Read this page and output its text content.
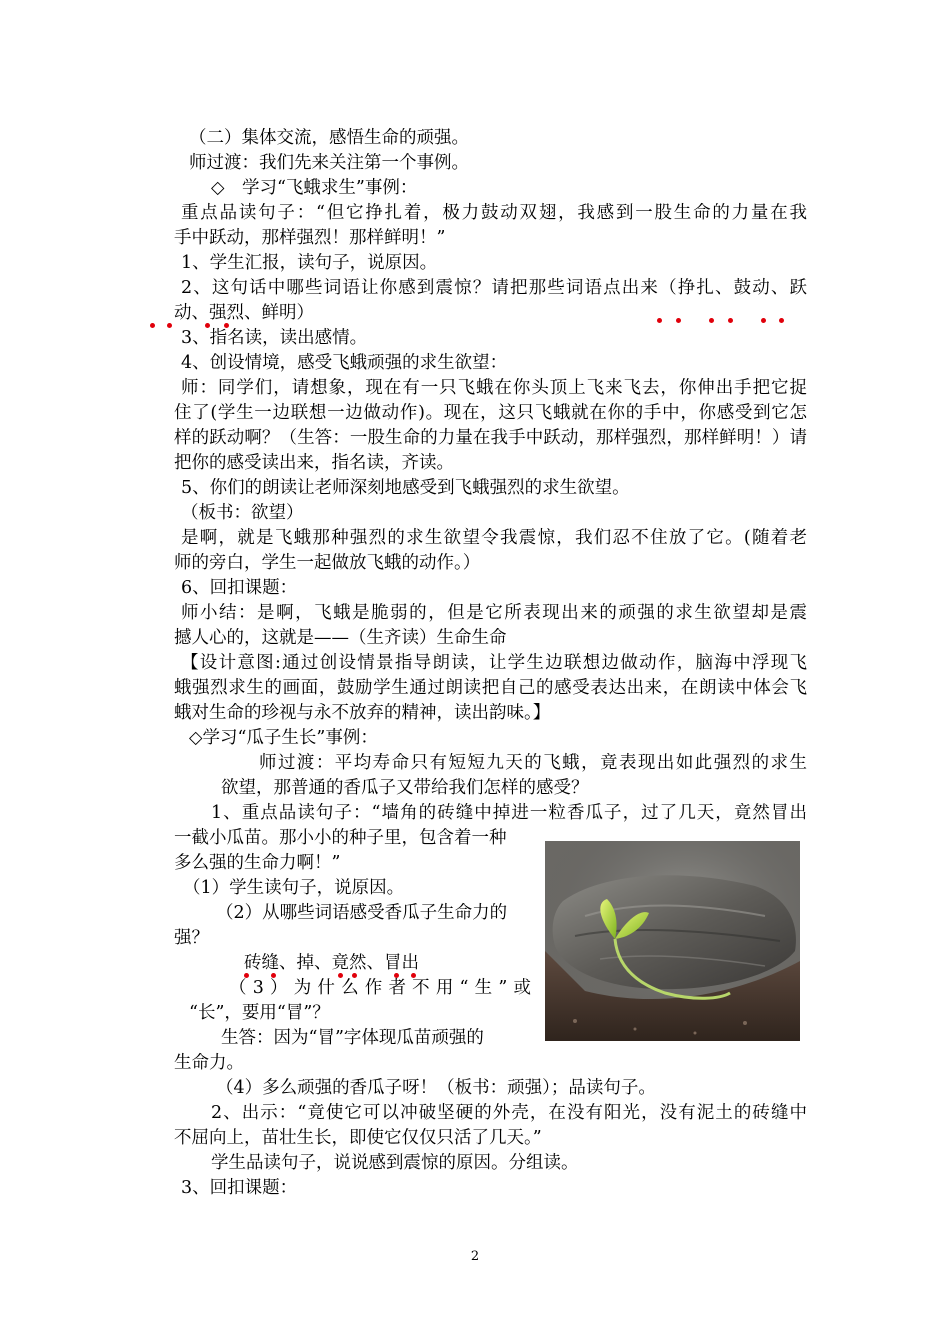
（二）集体交流，感悟生命的顽强。
师过渡：我们先来关注第一个事例。
◇　学习“飞蛾求生”事例：
重点品读句子：“但它挣扎着，极力鼓动双翅，我感到一股生命的力量在我
手中跃动，那样强烈！那样鲜明！”
1、学生汇报，读句子，说原因。
2、这句话中哪些词语让你感到震惊？请把那些词语点出来（挣扎、鼓动、跃
动、强烈、鲜明）
3、指名读，读出感情。
4、创设情境，感受飞蛾顽强的求生欲望：
师：同学们，请想象，现在有一只飞蛾在你头顶上飞来飞去，你伸出手把它捉
住了(学生一边联想一边做动作)。现在，这只飞蛾就在你的手中，你感受到它怎
样的跃动啊？（生答：一股生命的力量在我手中跃动，那样强烈，那样鲜明！）请
把你的感受读出来，指名读，齐读。
5、你们的朗读让老师深刻地感受到飞蛾强烈的求生欲望。
（板书：欲望）
是啊，就是飞蛾那种强烈的求生欲望令我震惊，我们忍不住放了它。(随着老
师的旁白，学生一起做放飞蛾的动作。）
6、回扣课题：
师小结：是啊，飞蛾是脆弱的，但是它所表现出来的顽强的求生欲望却是震
撼人心的，这就是——（生齐读）生命生命
【设计意图:通过创设情景指导朗读，让学生边联想边做动作，脑海中浮现飞
蛾强烈求生的画面，鼓励学生通过朗读把自己的感受表达出来，在朗读中体会飞
蛾对生命的珍视与永不放弃的精神，读出韵味。】
◇学习“瓜子生长”事例：
师过渡：平均寿命只有短短九天的飞蛾，竟表现出如此强烈的求生
欲望，那普通的香瓜子又带给我们怎样的感受？
1、重点品读句子：“墙角的砖缝中掉进一粒香瓜子，过了几天，竟然冒出
一截小瓜苗。那小小的种子里，包含着一种
多么强的生命力啊！”
（1）学生读句子，说原因。
（2）从哪些词语感受香瓜子生命力的
强？
砖缝、掉、竟然、冒出
（3）为什么作者不用“生”或
“长”，要用“冒”？
生答：因为“冒”字体现瓜苗顽强的
生命力。
（4）多么顽强的香瓜子呀！（板书：顽强）；品读句子。
2、出示：“竟使它可以冲破坚硬的外壳，在没有阳光，没有泥土的砖缝中
不屈向上，苗壮生长，即使它仅仅只活了几天。”
学生品读句子，说说感到震惊的原因。分组读。
3、回扣课题：
2
